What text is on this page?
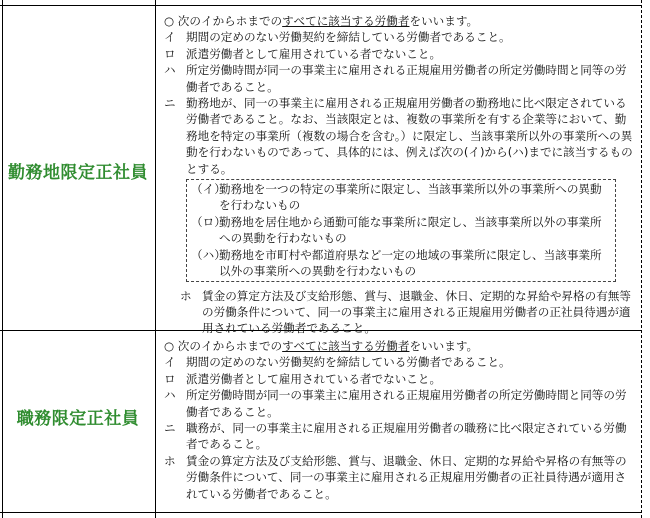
勤務地限定正社員
○ 次のイからホまでのすべてに該当する労働者をいいます。
イ 期間の定めのない労働契約を締結している労働者であること。
ロ 派遣労働者として雇用されている者でないこと。
ハ 所定労働時間が同一の事業主に雇用される正規雇用労働者の所定労働時間と同等の労働者であること。
ニ 勤務地が、同一の事業主に雇用される正規雇用労働者の勤務地に比べ限定されている労働者であること。なお、当該限定とは、複数の事業所を有する企業等において、勤務地を特定の事業所（複数の場合を含む。）に限定し、当該事業所以外の事業所への異動を行わないものであって、具体的には、例えば次の(イ)から(ハ)までに該当するものとする。
（イ）
勤務地を一つの特定の事業所に限定し、当該事業所以外の事業所への異動を行わないもの
（ロ）
勤務地を居住地から通勤可能な事業所に限定し、当該事業所以外の事業所への異動を行わないもの
（ハ）
勤務地を市町村や都道府県など一定の地域の事業所に限定し、当該事業所以外の事業所への異動を行わないもの
ホ 賃金の算定方法及び支給形態、賞与、退職金、休日、定期的な昇給や昇格の有無等の労働条件について、同一の事業主に雇用される正規雇用労働者の正社員待遇が適用されている労働者であること。
職務限定正社員
○ 次のイからホまでのすべてに該当する労働者をいいます。
イ 期間の定めのない労働契約を締結している労働者であること。
ロ 派遣労働者として雇用されている者でないこと。
ハ 所定労働時間が同一の事業主に雇用される正規雇用労働者の所定労働時間と同等の労働者であること。
ニ 職務が、同一の事業主に雇用される正規雇用労働者の職務に比べ限定されている労働者であること。
ホ 賃金の算定方法及び支給形態、賞与、退職金、休日、定期的な昇給や昇格の有無等の労働条件について、同一の事業主に雇用される正規雇用労働者の正社員待遇が適用されている労働者であること。
